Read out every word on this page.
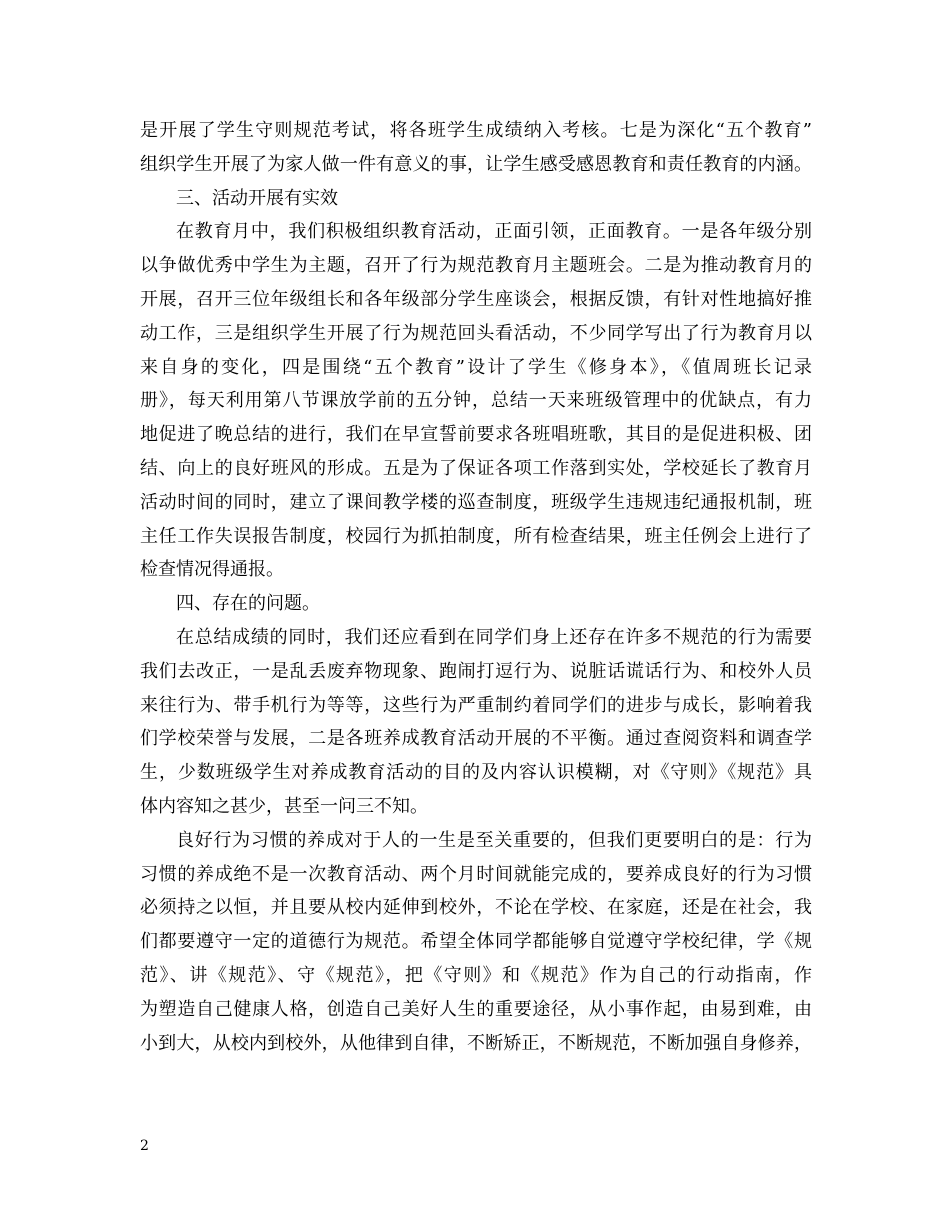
是开展了学生守则规范考试，将各班学生成绩纳入考核。七是为深化“五个教育”
组织学生开展了为家人做一件有意义的事，让学生感受感恩教育和责任教育的内涵。
三、活动开展有实效
在教育月中，我们积极组织教育活动，正面引领，正面教育。一是各年级分别
以争做优秀中学生为主题，召开了行为规范教育月主题班会。二是为推动教育月的
开展，召开三位年级组长和各年级部分学生座谈会，根据反馈，有针对性地搞好推
动工作，三是组织学生开展了行为规范回头看活动，不少同学写出了行为教育月以
来自身的变化，四是围绕“五个教育”设计了学生《修身本》，《值周班长记录
册》，每天利用第八节课放学前的五分钟，总结一天来班级管理中的优缺点，有力
地促进了晚总结的进行，我们在早宣誓前要求各班唱班歌，其目的是促进积极、团
结、向上的良好班风的形成。五是为了保证各项工作落到实处，学校延长了教育月
活动时间的同时，建立了课间教学楼的巡查制度，班级学生违规违纪通报机制，班
主任工作失误报告制度，校园行为抓拍制度，所有检查结果，班主任例会上进行了
检查情况得通报。
四、存在的问题。
在总结成绩的同时，我们还应看到在同学们身上还存在许多不规范的行为需要
我们去改正，一是乱丢废弃物现象、跑闹打逗行为、说脏话谎话行为、和校外人员
来往行为、带手机行为等等，这些行为严重制约着同学们的进步与成长，影响着我
们学校荣誉与发展，二是各班养成教育活动开展的不平衡。通过查阅资料和调查学
生，少数班级学生对养成教育活动的目的及内容认识模糊，对《守则》《规范》具
体内容知之甚少，甚至一问三不知。
良好行为习惯的养成对于人的一生是至关重要的，但我们更要明白的是：行为
习惯的养成绝不是一次教育活动、两个月时间就能完成的，要养成良好的行为习惯
必须持之以恒，并且要从校内延伸到校外，不论在学校、在家庭，还是在社会，我
们都要遵守一定的道德行为规范。希望全体同学都能够自觉遵守学校纪律，学《规
范》、讲《规范》、守《规范》，把《守则》和《规范》作为自己的行动指南，作
为塑造自己健康人格，创造自己美好人生的重要途径，从小事作起，由易到难，由
小到大，从校内到校外，从他律到自律，不断矫正，不断规范，不断加强自身修养，
2
